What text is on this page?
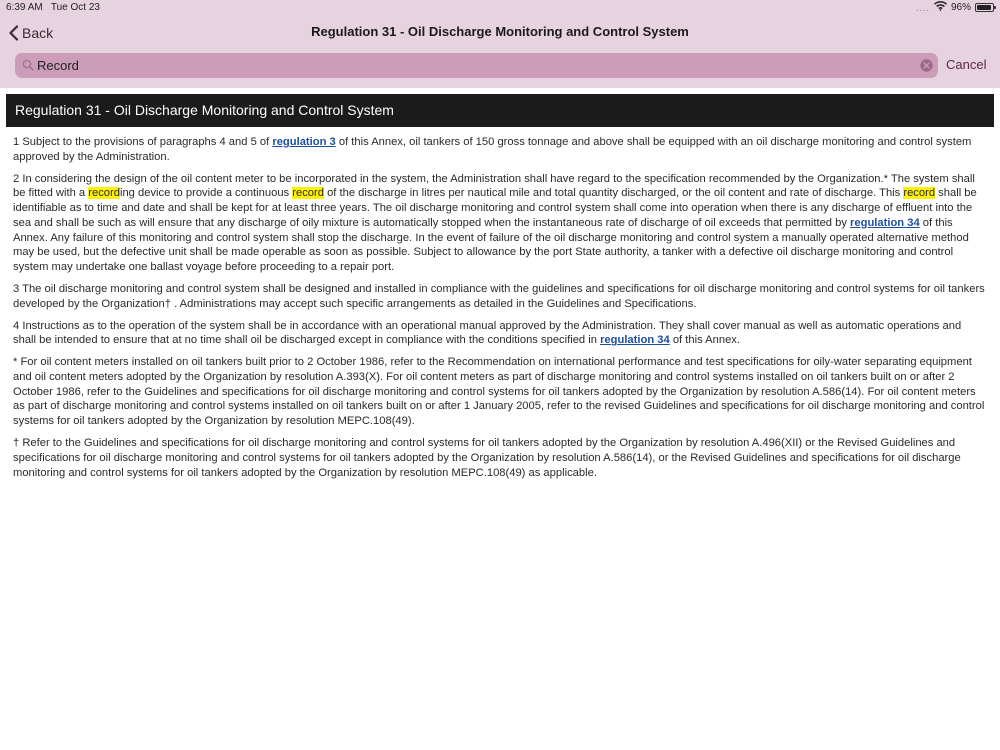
6:39 AM Tue Oct 23	.... 96%
Back	Regulation 31 - Oil Discharge Monitoring and Control System
Record
Cancel
Regulation 31 - Oil Discharge Monitoring and Control System

1 Subject to the provisions of paragraphs 4 and 5 of regulation 3 of this Annex, oil tankers of 150 gross tonnage and above shall be equipped with an oil discharge monitoring and control system approved by the Administration.

2 In considering the design of the oil content meter to be incorporated in the system, the Administration shall have regard to the specification recommended by the Organization.* The system shall be fitted with a recording device to provide a continuous record of the discharge in litres per nautical mile and total quantity discharged, or the oil content and rate of discharge. This record shall be identifiable as to time and date and shall be kept for at least three years. The oil discharge monitoring and control system shall come into operation when there is any discharge of effluent into the sea and shall be such as will ensure that any discharge of oily mixture is automatically stopped when the instantaneous rate of discharge of oil exceeds that permitted by regulation 34 of this Annex. Any failure of this monitoring and control system shall stop the discharge. In the event of failure of the oil discharge monitoring and control system a manually operated alternative method may be used, but the defective unit shall be made operable as soon as possible. Subject to allowance by the port State authority, a tanker with a defective oil discharge monitoring and control system may undertake one ballast voyage before proceeding to a repair port.

3 The oil discharge monitoring and control system shall be designed and installed in compliance with the guidelines and specifications for oil discharge monitoring and control systems for oil tankers developed by the Organization† . Administrations may accept such specific arrangements as detailed in the Guidelines and Specifications.

4 Instructions as to the operation of the system shall be in accordance with an operational manual approved by the Administration. They shall cover manual as well as automatic operations and shall be intended to ensure that at no time shall oil be discharged except in compliance with the conditions specified in regulation 34 of this Annex.

* For oil content meters installed on oil tankers built prior to 2 October 1986, refer to the Recommendation on international performance and test specifications for oily-water separating equipment and oil content meters adopted by the Organization by resolution A.393(X). For oil content meters as part of discharge monitoring and control systems installed on oil tankers built on or after 2 October 1986, refer to the Guidelines and specifications for oil discharge monitoring and control systems for oil tankers adopted by the Organization by resolution A.586(14). For oil content meters as part of discharge monitoring and control systems installed on oil tankers built on or after 1 January 2005, refer to the revised Guidelines and specifications for oil discharge monitoring and control systems for oil tankers adopted by the Organization by resolution MEPC.108(49).

† Refer to the Guidelines and specifications for oil discharge monitoring and control systems for oil tankers adopted by the Organization by resolution A.496(XII) or the Revised Guidelines and specifications for oil discharge monitoring and control systems for oil tankers adopted by the Organization by resolution A.586(14), or the Revised Guidelines and specifications for oil discharge monitoring and control systems for oil tankers adopted by the Organization by resolution MEPC.108(49) as applicable.
